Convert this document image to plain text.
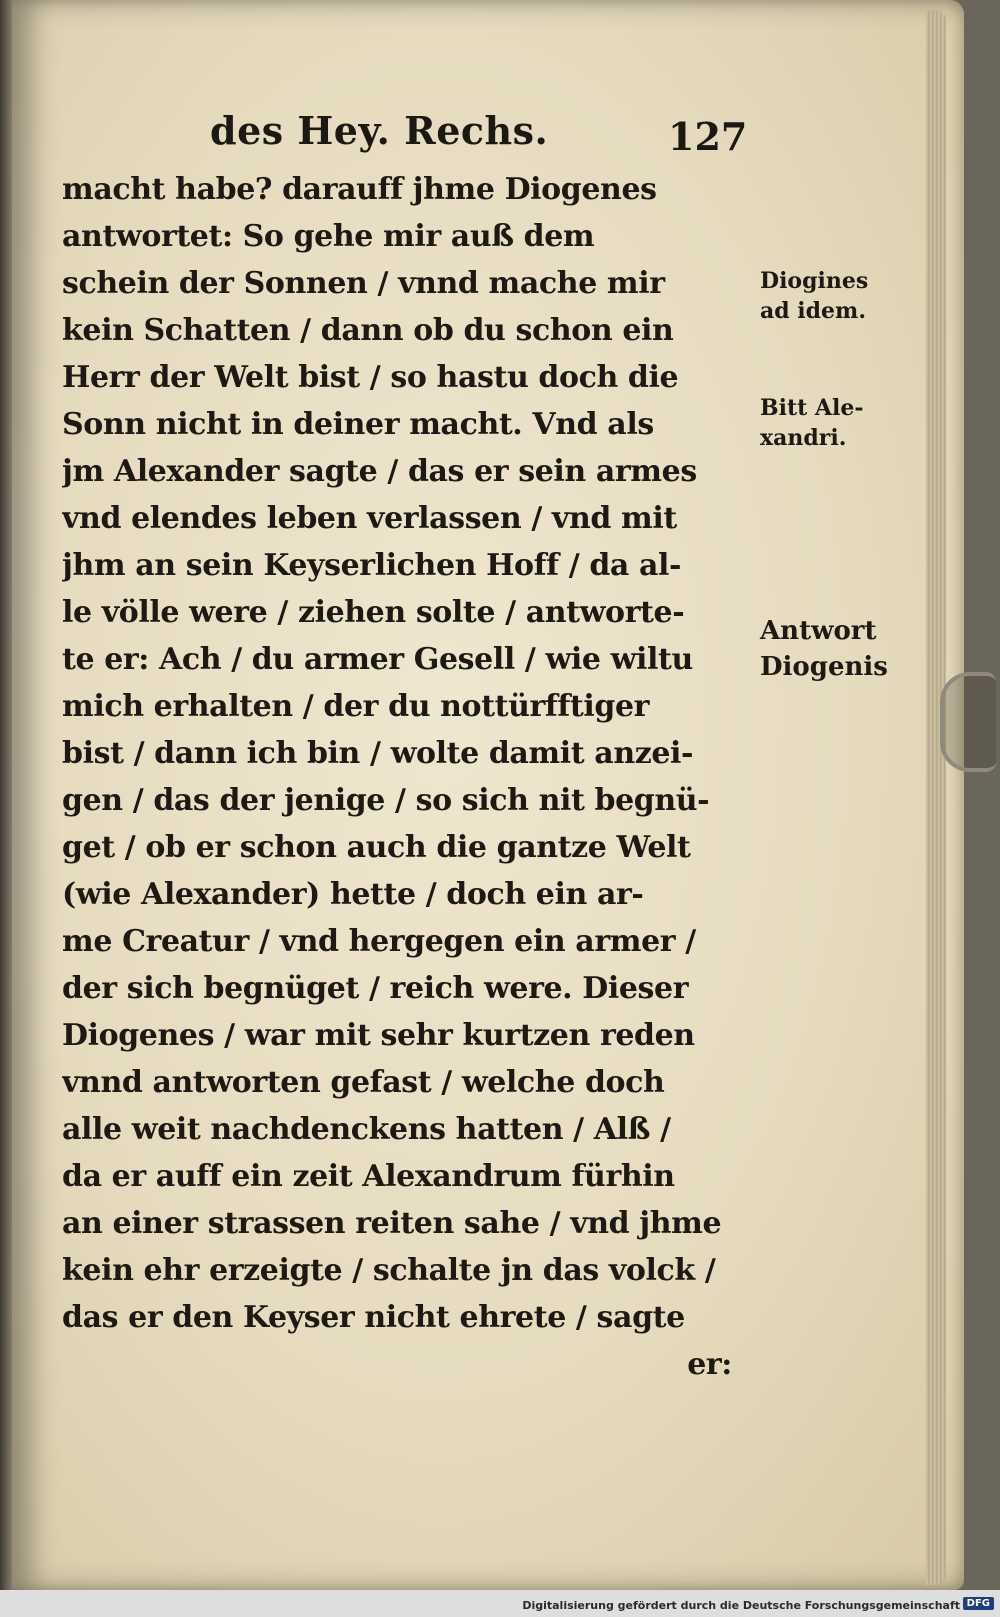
des Hey. Rechs.	127
macht habe? darauff jhme Diogenes
antwortet: So gehe mir auß dem
schein der Sonnen / vnnd mache mir
kein Schatten / dann ob du schon ein
Herr der Welt bist / so hastu doch die
Sonn nicht in deiner macht. Vnd als
jm Alexander sagte / das er sein armes
vnd elendes leben verlassen / vnd mit
jhm an sein Keyserlichen Hoff / da al-
le völle were / ziehen solte / antworte-
te er: Ach / du armer Gesell / wie wiltu
mich erhalten / der du nottürfftiger
bist / dann ich bin / wolte damit anzei-
gen / das der jenige / so sich nit begnü-
get / ob er schon auch die gantze Welt
(wie Alexander) hette / doch ein ar-
me Creatur / vnd hergegen ein armer /
der sich begnüget / reich were. Dieser
Diogenes / war mit sehr kurtzen reden
vnnd antworten gefast / welche doch
alle weit nachdenckens hatten / Alß /
da er auff ein zeit Alexandrum fürhin
an einer strassen reiten sahe / vnd jhme
kein ehr erzeigte / schalte jn das volck /
das er den Keyser nicht ehrete / sagte
er:
Diogines
ad idem.
Bitt Ale-
xandri.
Antwort
Diogenis
Digitalisierung gefördert durch die Deutsche Forschungsgemeinschaft DFG
